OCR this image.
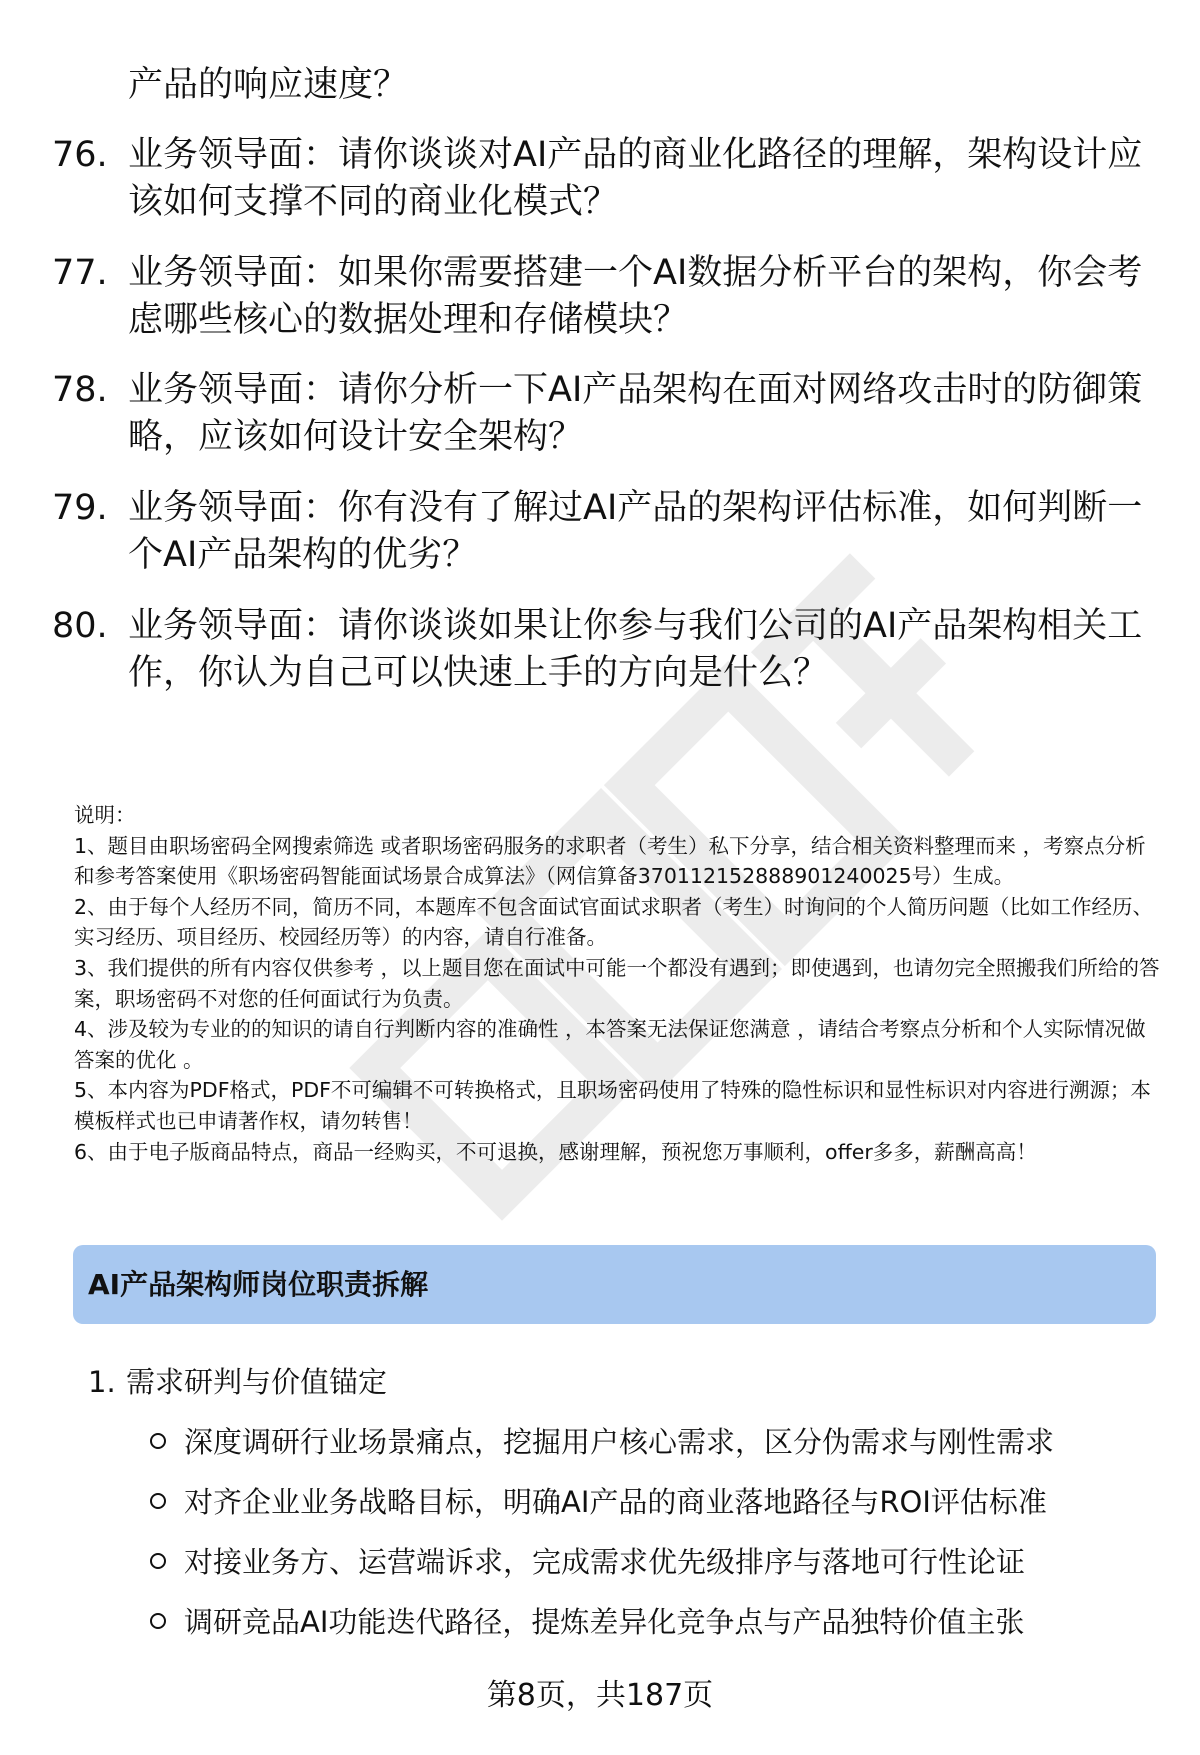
产品的响应速度？
76. 业务领导面：请你谈谈对AI产品的商业化路径的理解，架构设计应该如何支撑不同的商业化模式？
77. 业务领导面：如果你需要搭建一个AI数据分析平台的架构，你会考虑哪些核心的数据处理和存储模块？
78. 业务领导面：请你分析一下AI产品架构在面对网络攻击时的防御策略，应该如何设计安全架构？
79. 业务领导面：你有没有了解过AI产品的架构评估标准，如何判断一个AI产品架构的优劣？
80. 业务领导面：请你谈谈如果让你参与我们公司的AI产品架构相关工作，你认为自己可以快速上手的方向是什么？

说明：

1、题目由职场密码全网搜索筛选 或者职场密码服务的求职者（考生）私下分享，结合相关资料整理而来 ，考察点分析和参考答案使用《职场密码智能面试场景合成算法》（网信算备370112152888901240025号）生成。

2、由于每个人经历不同，简历不同，本题库不包含面试官面试求职者（考生）时询问的个人简历问题（比如工作经历、实习经历、项目经历、校园经历等）的内容，请自行准备。

3、我们提供的所有内容仅供参考 ，以上题目您在面试中可能一个都没有遇到；即使遇到，也请勿完全照搬我们所给的答案，职场密码不对您的任何面试行为负责。

4、涉及较为专业的的知识的请自行判断内容的准确性 ，本答案无法保证您满意 ，请结合考察点分析和个人实际情况做答案的优化 。

5、本内容为PDF格式，PDF不可编辑不可转换格式，且职场密码使用了特殊的隐性标识和显性标识对内容进行溯源；本模板样式也已申请著作权，请勿转售！

6、由于电子版商品特点，商品一经购买，不可退换，感谢理解，预祝您万事顺利，offer多多，薪酬高高！

AI产品架构师岗位职责拆解
1. 需求研判与价值锚定
深度调研行业场景痛点，挖掘用户核心需求，区分伪需求与刚性需求
对齐企业业务战略目标，明确AI产品的商业落地路径与ROI评估标准
对接业务方、运营端诉求，完成需求优先级排序与落地可行性论证
调研竞品AI功能迭代路径，提炼差异化竞争点与产品独特价值主张
第8页，共187页
